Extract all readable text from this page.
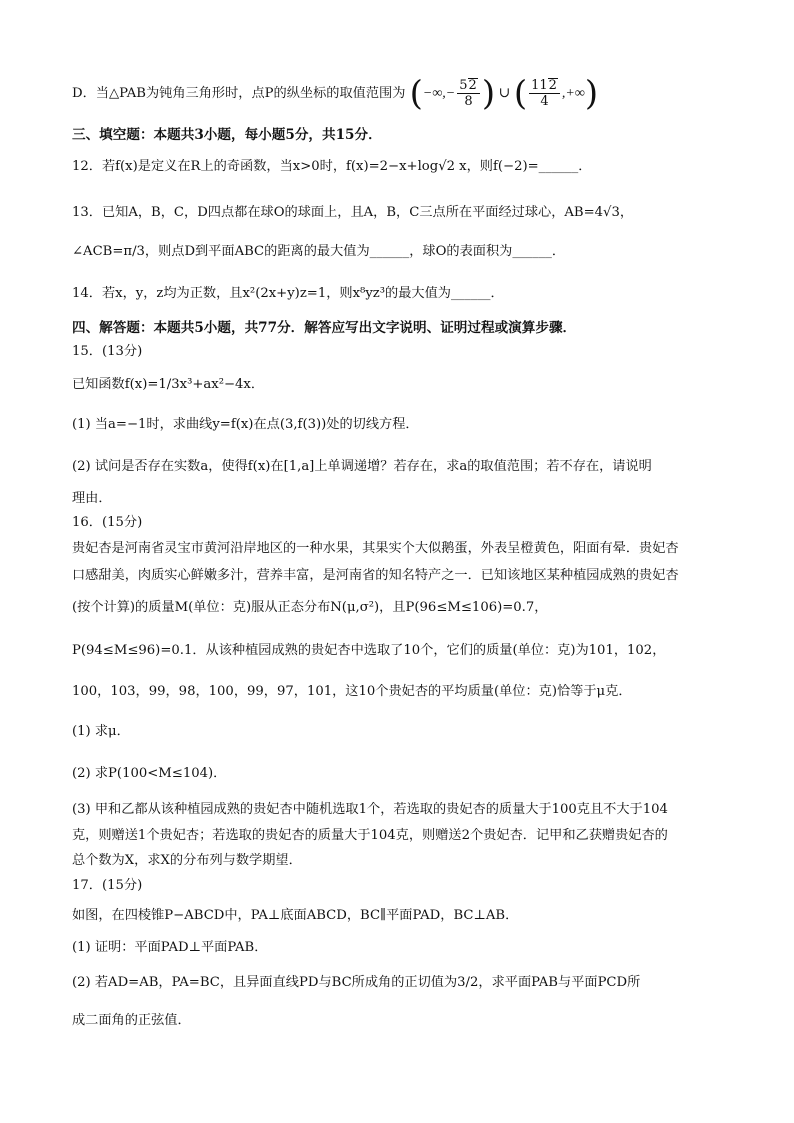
D．当△PAB为钝角三角形时，点P的纵坐标的取值范围为 (−∞,− $\frac{52}{8}$ ) ∪ ( $\frac{112}{4}$ ,+∞)
三、填空题：本题共3小题，每小题5分，共15分．
12．若f(x)是定义在R上的奇函数，当x>0时，f(x)=2−x+log√2 x，则f(−2)=______．
13．已知A，B，C，D四点都在球O的球面上，且A，B，C三点所在平面经过球心，AB=4√3，
∠ACB=π/3，则点D到平面ABC的距离的最大值为______，球O的表面积为______．
14．若x，y，z均为正数，且x²(2x+y)z=1，则x⁸yz³的最大值为______．
四、解答题：本题共5小题，共77分．解答应写出文字说明、证明过程或演算步骤．
15．(13分)
已知函数f(x)=1/3x³+ax²−4x．
(1) 当a=−1时，求曲线y=f(x)在点(3,f(3))处的切线方程．
(2) 试问是否存在实数a，使得f(x)在[1,a]上单调递增？若存在，求a的取值范围；若不存在，请说明
理由．
16．(15分)
贵妃杏是河南省灵宝市黄河沿岸地区的一种水果，其果实个大似鹅蛋，外表呈橙黄色，阳面有晕．贵妃杏
口感甜美，肉质实心鲜嫩多汁，营养丰富，是河南省的知名特产之一．已知该地区某种植园成熟的贵妃杏
(按个计算)的质量M(单位：克)服从正态分布N(μ,σ²)，且P(96≤M≤106)=0.7，
P(94≤M≤96)=0.1．从该种植园成熟的贵妃杏中选取了10个，它们的质量(单位：克)为101，102，
100，103，99，98，100，99，97，101，这10个贵妃杏的平均质量(单位：克)恰等于μ克．
(1) 求μ．
(2) 求P(100<M≤104)．
(3) 甲和乙都从该种植园成熟的贵妃杏中随机选取1个，若选取的贵妃杏的质量大于100克且不大于104
克，则赠送1个贵妃杏；若选取的贵妃杏的质量大于104克，则赠送2个贵妃杏．记甲和乙获赠贵妃杏的
总个数为X，求X的分布列与数学期望．
17．(15分)
如图，在四棱锥P−ABCD中，PA⊥底面ABCD，BC∥平面PAD，BC⊥AB．
(1) 证明：平面PAD⊥平面PAB．
(2) 若AD=AB，PA=BC，且异面直线PD与BC所成角的正切值为3/2，求平面PAB与平面PCD所
成二面角的正弦值．
